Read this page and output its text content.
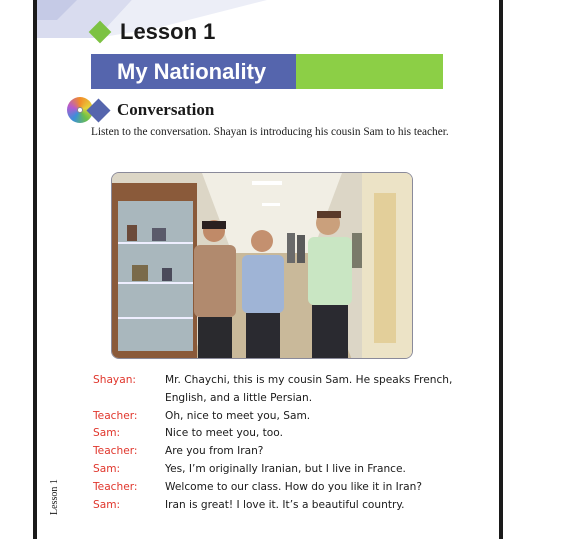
Lesson 1
My Nationality
Conversation
Listen to the conversation. Shayan is introducing his cousin Sam to his teacher.
Shayan:	Mr. Chaychi, this is my cousin Sam. He speaks French, English, and a little Persian.
Teacher:	Oh, nice to meet you, Sam.
Sam:	Nice to meet you, too.
Teacher:	Are you from Iran?
Sam:	Yes, I’m originally Iranian, but I live in France.
Teacher:	Welcome to our class. How do you like it in Iran?
Sam:	Iran is great! I love it. It’s a beautiful country.
Lesson 1
